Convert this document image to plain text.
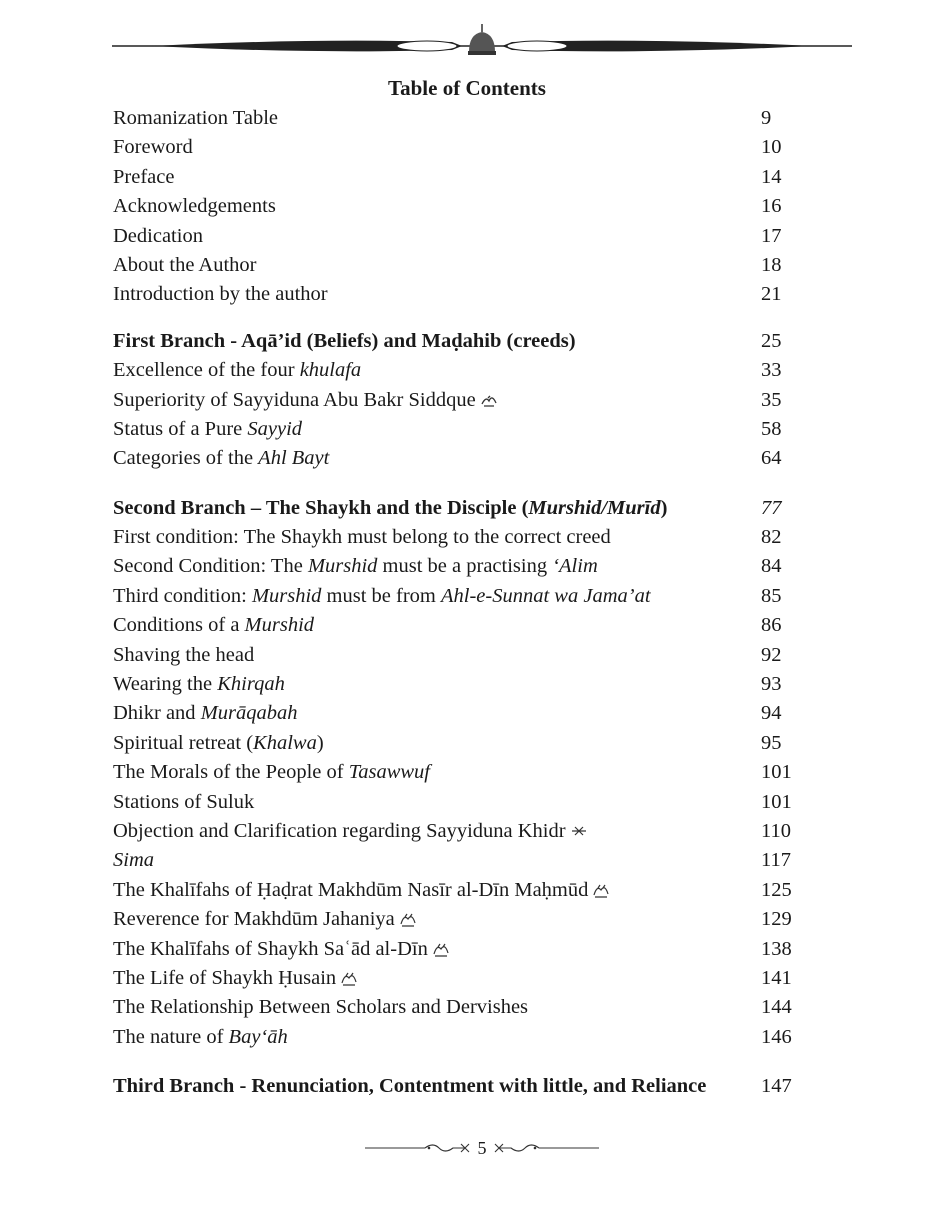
Table of Contents
Romanization Table	9
Foreword	10
Preface	14
Acknowledgements	16
Dedication	17
About the Author	18
Introduction by the author	21
First Branch - Aqā’id (Beliefs) and Maḍahib (creeds)	25
Excellence of the four khulafa	33
Superiority of Sayyiduna Abu Bakr Siddque	35
Status of a Pure Sayyid	58
Categories of the Ahl Bayt	64
Second Branch – The Shaykh and the Disciple (Murshid/Murīd)	77
First condition: The Shaykh must belong to the correct creed	82
Second Condition: The Murshid must be a practising ‘Alim	84
Third condition: Murshid must be from Ahl-e-Sunnat wa Jama’at	85
Conditions of a Murshid	86
Shaving the head	92
Wearing the Khirqah	93
Dhikr and Murāqabah	94
Spiritual retreat (Khalwa)	95
The Morals of the People of Tasawwuf	101
Stations of Suluk	101
Objection and Clarification regarding Sayyiduna Khidr	110
Sima	117
The Khalīfahs of Ḥaḍrat Makhdūm Nasīr al-Dīn Maḥmūd	125
Reverence for Makhdūm Jahaniya	129
The Khalīfahs of Shaykh Saʿād al-Dīn	138
The Life of Shaykh Ḥusain	141
The Relationship Between Scholars and Dervishes	144
The nature of Bay‘āh	146
Third Branch - Renunciation, Contentment with little, and Reliance	147
5
